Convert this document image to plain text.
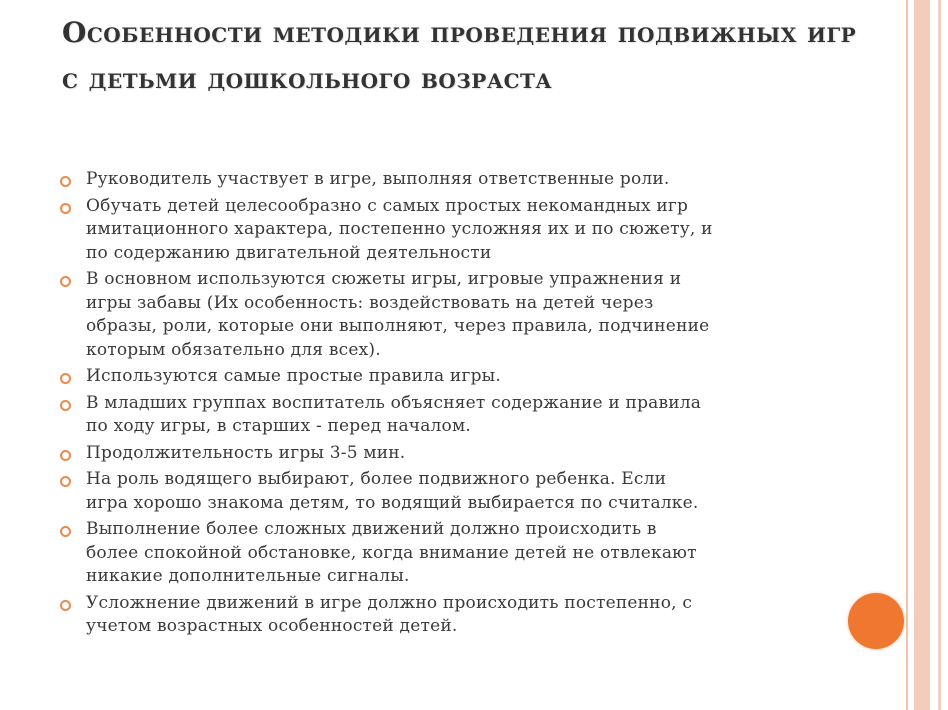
Особенности методики проведения подвижных игр с детьми дошкольного возраста
Руководитель участвует в игре, выполняя ответственные роли.
Обучать детей целесообразно с самых простых некомандных игр
имитационного характера, постепенно усложняя их и по сюжету, и
по содержанию двигательной деятельности
В основном используются сюжеты игры, игровые упражнения и
игры забавы (Их особенность: воздействовать на детей через
образы, роли, которые они выполняют, через правила, подчинение
которым обязательно для всех).
Используются самые простые правила игры.
В младших группах воспитатель объясняет содержание и правила
по ходу игры, в старших - перед началом.
Продолжительность игры 3-5 мин.
На роль водящего выбирают, более подвижного ребенка. Если
игра хорошо знакома детям, то водящий выбирается по считалке.
Выполнение более сложных движений должно происходить в
более спокойной обстановке, когда внимание детей не отвлекают
никакие дополнительные сигналы.
Усложнение движений в игре должно происходить постепенно, с
учетом возрастных особенностей детей.
